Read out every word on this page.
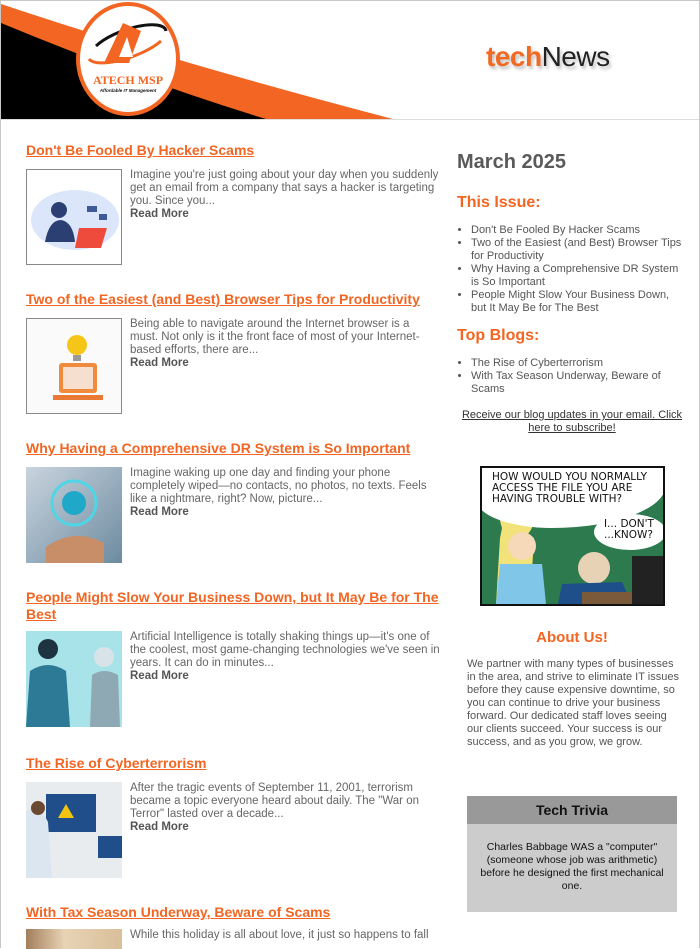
ATECH MSP
Affordable IT Management
techNews
Don't Be Fooled By Hacker Scams
Imagine you're just going about your day when you suddenly get an email from a company that says a hacker is targeting you. Since you...
Read More
Two of the Easiest (and Best) Browser Tips for Productivity
Being able to navigate around the Internet browser is a must. Not only is it the front face of most of your Internet-based efforts, there are...
Read More
Why Having a Comprehensive DR System is So Important
Imagine waking up one day and finding your phone completely wiped—no contacts, no photos, no texts. Feels like a nightmare, right? Now, picture...
Read More
People Might Slow Your Business Down, but It May Be for The Best
Artificial Intelligence is totally shaking things up—it's one of the coolest, most game-changing technologies we've seen in years. It can do in minutes...
Read More
The Rise of Cyberterrorism
After the tragic events of September 11, 2001, terrorism became a topic everyone heard about daily. The "War on Terror" lasted over a decade...
Read More
With Tax Season Underway, Beware of Scams
While this holiday is all about love, it just so happens to fall
March 2025
This Issue:
• Don't Be Fooled By Hacker Scams
• Two of the Easiest (and Best) Browser Tips for Productivity
• Why Having a Comprehensive DR System is So Important
• People Might Slow Your Business Down, but It May Be for The Best
Top Blogs:
• The Rise of Cyberterrorism
• With Tax Season Underway, Beware of Scams
Receive our blog updates in your email. Click here to subscribe!
HOW WOULD YOU NORMALLY ACCESS THE FILE YOU ARE HAVING TROUBLE WITH?
I... DON'T ...KNOW?
About Us!
We partner with many types of businesses in the area, and strive to eliminate IT issues before they cause expensive downtime, so you can continue to drive your business forward. Our dedicated staff loves seeing our clients succeed. Your success is our success, and as you grow, we grow.
Tech Trivia
Charles Babbage WAS a "computer" (someone whose job was arithmetic) before he designed the first mechanical one.
